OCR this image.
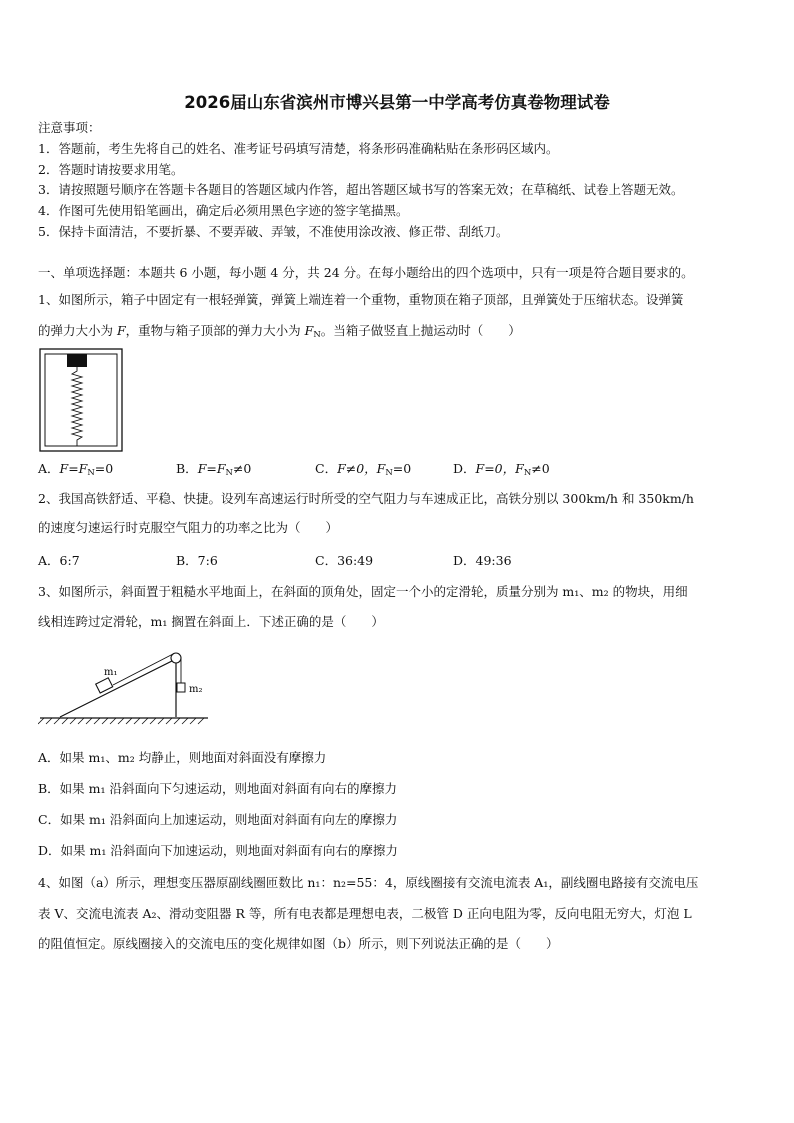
2026届山东省滨州市博兴县第一中学高考仿真卷物理试卷
注意事项：
1．答题前，考生先将自己的姓名、准考证号码填写清楚，将条形码准确粘贴在条形码区域内。
2．答题时请按要求用笔。
3．请按照题号顺序在答题卡各题目的答题区域内作答，超出答题区域书写的答案无效；在草稿纸、试卷上答题无效。
4．作图可先使用铅笔画出，确定后必须用黑色字迹的签字笔描黑。
5．保持卡面清洁，不要折暴、不要弄破、弄皱，不准使用涂改液、修正带、刮纸刀。
一、单项选择题：本题共 6 小题，每小题 4 分，共 24 分。在每小题给出的四个选项中，只有一项是符合题目要求的。
1、如图所示，箱子中固定有一根轻弹簧，弹簧上端连着一个重物，重物顶在箱子顶部，且弹簧处于压缩状态。设弹簧
的弹力大小为 F，重物与箱子顶部的弹力大小为 $F_N$。当箱子做竖直上抛运动时（　　）
A．$F=F_N=0$	B．$F=F_N\ne 0$	C．F≠0，$F_N=0$	D．F=0，$F_N\ne 0$
2、我国高铁舒适、平稳、快捷。设列车高速运行时所受的空气阻力与车速成正比，高铁分别以 300km/h 和 350km/h
的速度匀速运行时克服空气阻力的功率之比为（　　）
A．6:7	B．7:6	C．36:49	D．49:36
3、如图所示，斜面置于粗糙水平地面上，在斜面的顶角处，固定一个小的定滑轮，质量分别为 m₁、m₂ 的物块，用细
线相连跨过定滑轮，m₁ 搁置在斜面上．下述正确的是（　　）
m₁
m₂
A．如果 m₁、m₂ 均静止，则地面对斜面没有摩擦力
B．如果 m₁ 沿斜面向下匀速运动，则地面对斜面有向右的摩擦力
C．如果 m₁ 沿斜面向上加速运动，则地面对斜面有向左的摩擦力
D．如果 m₁ 沿斜面向下加速运动，则地面对斜面有向右的摩擦力
4、如图（a）所示，理想变压器原副线圈匝数比 n₁：n₂=55：4，原线圈接有交流电流表 A₁，副线圈电路接有交流电压
表 V、交流电流表 A₂、滑动变阻器 R 等，所有电表都是理想电表，二极管 D 正向电阻为零，反向电阻无穷大，灯泡 L
的阻值恒定。原线圈接入的交流电压的变化规律如图（b）所示，则下列说法正确的是（　　）
